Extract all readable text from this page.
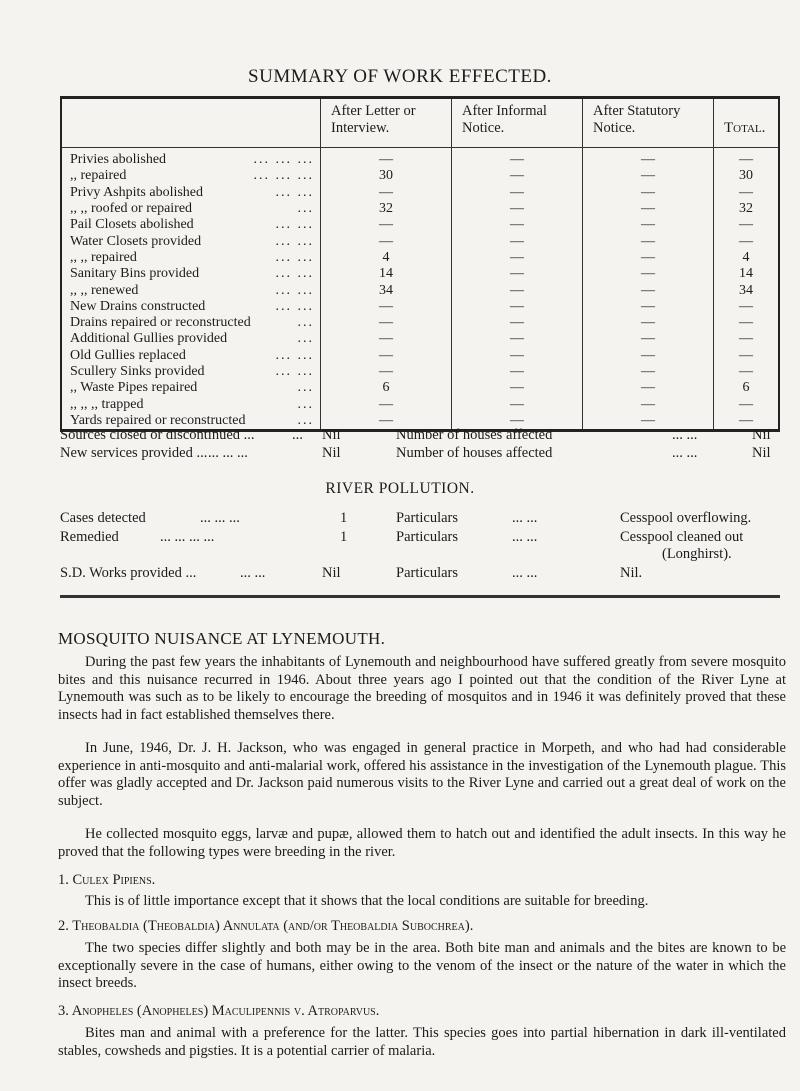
SUMMARY OF WORK EFFECTED.
	After Letter or Interview.	After Informal Notice.	After Statutory Notice.	Total.
Privies abolished ... ... ...	—	—	—	—
,, repaired ... ... ...	30	—	—	30
Privy Ashpits abolished ... ...	—	—	—	—
,, ,, roofed or repaired ...	32	—	—	32
Pail Closets abolished ... ...	—	—	—	—
Water Closets provided ... ...	—	—	—	—
,, ,, repaired ... ...	4	—	—	4
Sanitary Bins provided ... ...	14	—	—	14
,, ,, renewed ... ...	34	—	—	34
New Drains constructed ... ...	—	—	—	—
Drains repaired or reconstructed ...	—	—	—	—
Additional Gullies provided ...	—	—	—	—
Old Gullies replaced ... ...	—	—	—	—
Scullery Sinks provided ... ...	—	—	—	—
,, Waste Pipes repaired ...	6	—	—	6
,, ,, ,, trapped ...	—	—	—	—
Yards repaired or reconstructed ...	—	—	—	—
Sources closed or discontinued ...	... Nil	Number of houses affected	... ...	Nil
New services provided ... ... ... ...	Nil	Number of houses affected	... ...	Nil
RIVER POLLUTION.
Cases detected	... ... ...	1	Particulars	... ...	Cesspool overflowing.
Remedied	... ... ... ...	1	Particulars	... ...	Cesspool cleaned out
(Longhirst).
S.D. Works provided ...	... ...	Nil	Particulars	... ...	Nil.
MOSQUITO NUISANCE AT LYNEMOUTH.

During the past few years the inhabitants of Lynemouth and neighbourhood have suffered greatly from severe mosquito bites and this nuisance recurred in 1946. About three years ago I pointed out that the condition of the River Lyne at Lynemouth was such as to be likely to encourage the breeding of mosquitos and in 1946 it was definitely proved that these insects had in fact established themselves there.

In June, 1946, Dr. J. H. Jackson, who was engaged in general practice in Morpeth, and who had had considerable experience in anti-mosquito and anti-malarial work, offered his assistance in the investigation of the Lynemouth plague. This offer was gladly accepted and Dr. Jackson paid numerous visits to the River Lyne and carried out a great deal of work on the subject.

He collected mosquito eggs, larvæ and pupæ, allowed them to hatch out and identified the adult insects. In this way he proved that the following types were breeding in the river.

1. Culex Pipiens.

This is of little importance except that it shows that the local conditions are suitable for breeding.

2. Theobaldia (Theobaldia) Annulata (and/or Theobaldia Subochrea).

The two species differ slightly and both may be in the area. Both bite man and animals and the bites are known to be exceptionally severe in the case of humans, either owing to the venom of the insect or the nature of the water in which the insect breeds.

3. Anopheles (Anopheles) Maculipennis v. Atroparvus.

Bites man and animal with a preference for the latter. This species goes into partial hibernation in dark ill-ventilated stables, cowsheds and pigsties. It is a potential carrier of malaria.
